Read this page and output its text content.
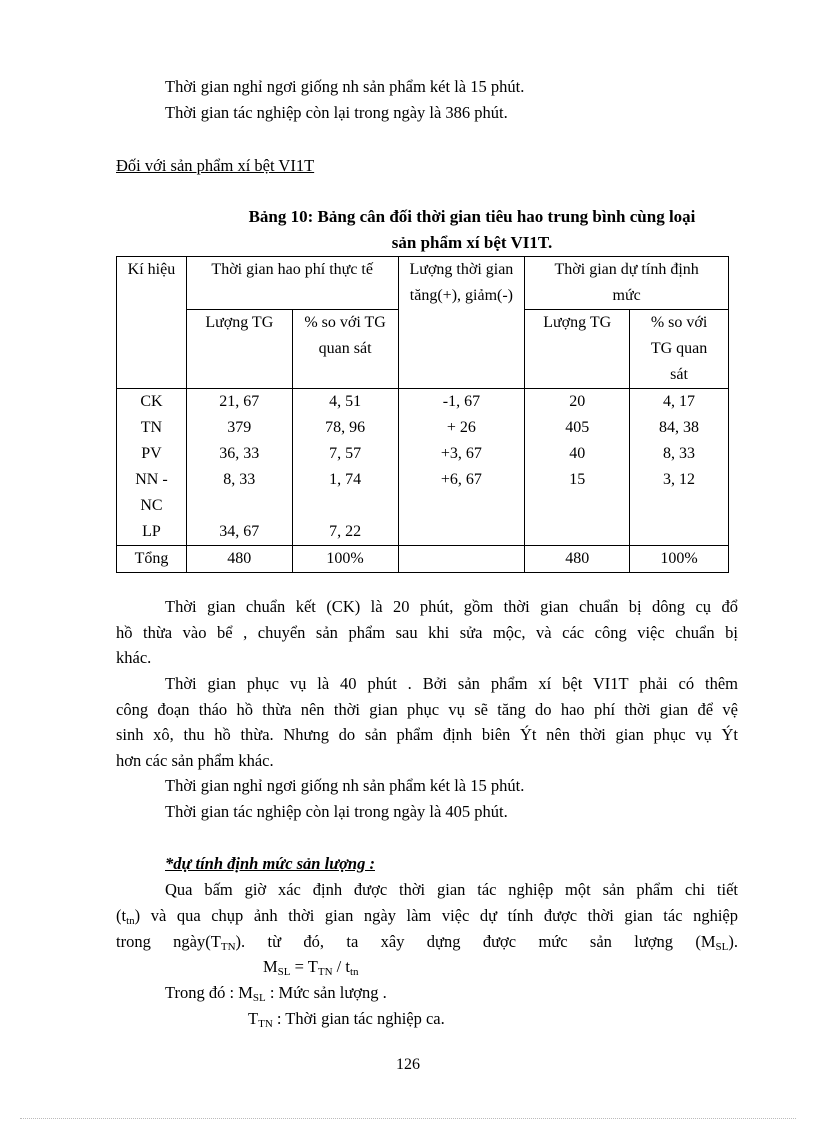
Thời gian nghỉ ngơi giống nh sản phẩm két là 15 phút.
Thời gian tác nghiệp còn lại trong ngày là 386 phút.
Đối với sản phẩm xí bệt VI1T
Bảng 10: Bảng cân đối thời gian tiêu hao trung bình cùng loại
sản phẩm xí bệt VI1T.
Kí hiệu	Thời gian hao phí thực tế		Lượng thời gian tăng(+), giảm(-)	Thời gian dự tính định mức	
	Lượng TG	% so với TG quan sát		Lượng TG	% so với TG quan sát
CK	21, 67	4, 51	-1, 67	20	4, 17
TN	379	78, 96	+ 26	405	84, 38
PV	36, 33	7, 57	+3, 67	40	8, 33
NN - NC	8, 33	1, 74	+6, 67	15	3, 12
LP	34, 67	7, 22			
Tổng	480	100%		480	100%
Thời gian chuẩn kết (CK) là 20 phút, gồm thời gian chuẩn bị dông cụ đổ
hồ thừa vào bể , chuyển sản phẩm sau khi sửa mộc, và các công việc chuẩn bị
khác.
Thời gian phục vụ là 40 phút . Bởi sản phẩm xí bệt VI1T phải có thêm
công đoạn tháo hồ thừa nên thời gian phục vụ sẽ tăng do hao phí thời gian để vệ
sinh xô, thu hồ thừa. Nhưng do sản phẩm định biên Ýt nên thời gian phục vụ Ýt
hơn các sản phẩm khác.
Thời gian nghỉ ngơi giống nh sản phẩm két là 15 phút.
Thời gian tác nghiệp còn lại trong ngày là 405 phút.
*dự tính định mức sản lượng :
Qua bấm giờ xác định được thời gian tác nghiệp một sản phẩm chi tiết
$(t_{tn})$ và qua chụp ảnh thời gian ngày làm việc dự tính được thời gian tác nghiệp
trong $ngày(T_{TN})$. từ đó, ta xây dựng được mức sản lượng $(M_{SL})$.
$M_{SL} = T_{TN} / t_{tn}$
Trong đó : $M_{SL}$ : Mức sản lượng .
$T_{TN}$ : Thời gian tác nghiệp ca.
126
